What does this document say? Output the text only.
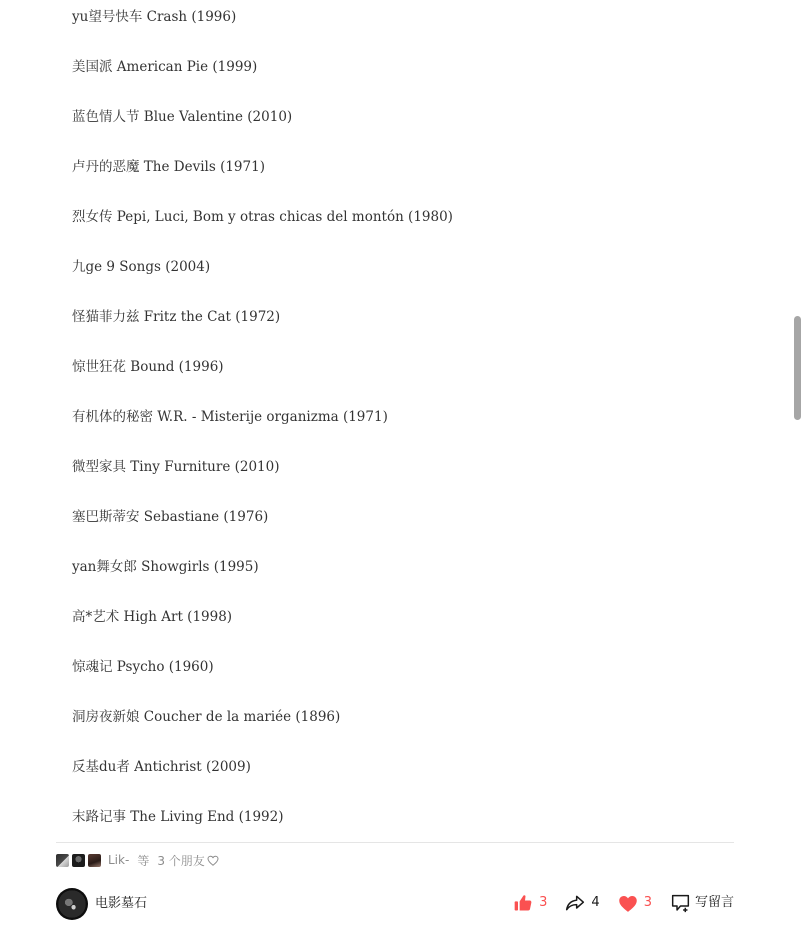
yu望号快车 Crash (1996)
美国派 American Pie (1999)
蓝色情人节 Blue Valentine (2010)
卢丹的恶魔 The Devils (1971)
烈女传 Pepi, Luci, Bom y otras chicas del montón (1980)
九ge 9 Songs (2004)
怪猫菲力兹 Fritz the Cat (1972)
惊世狂花 Bound (1996)
有机体的秘密 W.R. - Misterije organizma (1971)
微型家具 Tiny Furniture (2010)
塞巴斯蒂安 Sebastiane (1976)
yan舞女郎 Showgirls (1995)
高*艺术 High Art (1998)
惊魂记 Psycho (1960)
洞房夜新娘 Coucher de la mariée (1896)
反基du者 Antichrist (2009)
末路记事 The Living End (1992)
Lik- 等 3 个朋友
电影墓石	3	4	3	写留言
